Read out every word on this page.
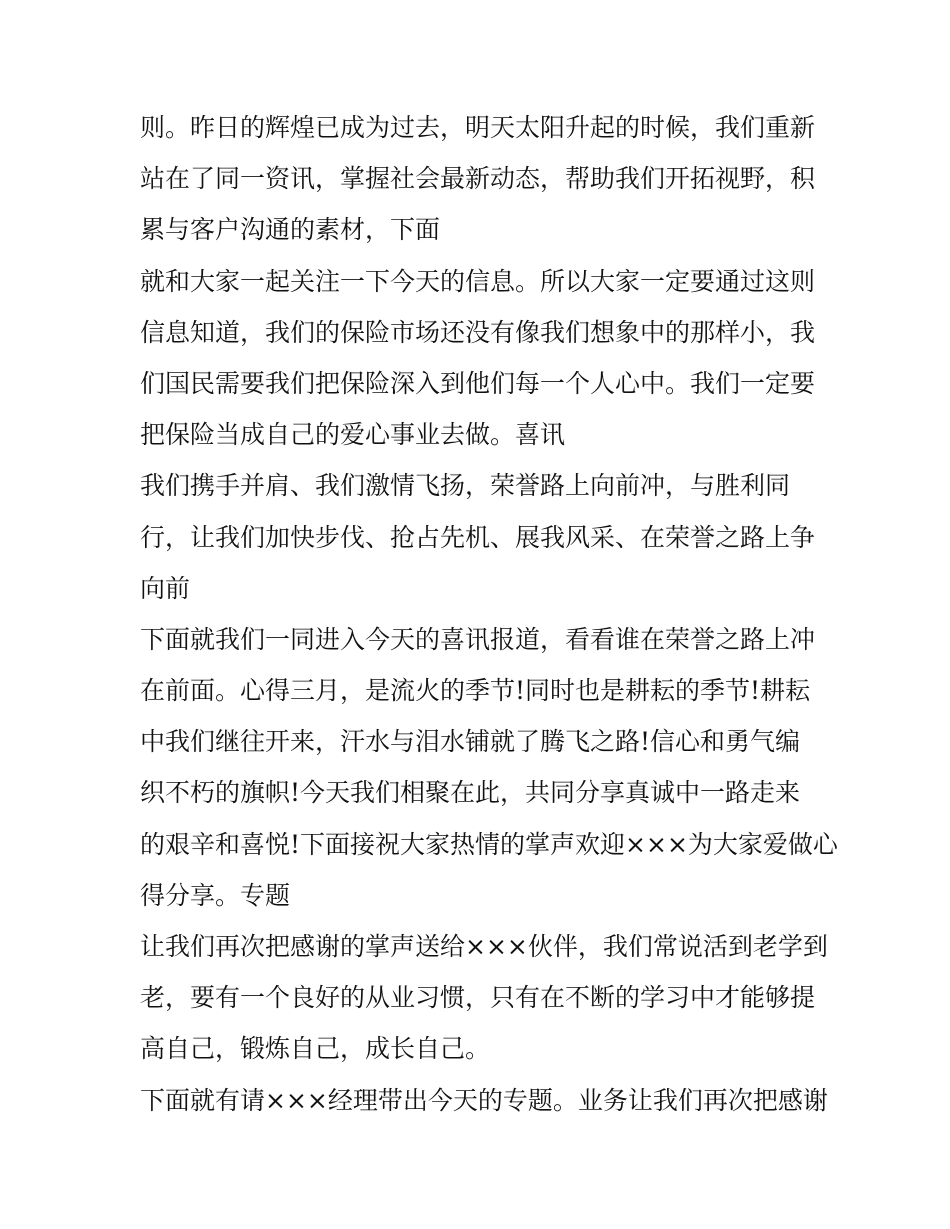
则。昨日的辉煌已成为过去，明天太阳升起的时候，我们重新
站在了同一资讯，掌握社会最新动态，帮助我们开拓视野，积
累与客户沟通的素材，下面
就和大家一起关注一下今天的信息。所以大家一定要通过这则
信息知道，我们的保险市场还没有像我们想象中的那样小，我
们国民需要我们把保险深入到他们每一个人心中。我们一定要
把保险当成自己的爱心事业去做。喜讯
我们携手并肩、我们激情飞扬，荣誉路上向前冲，与胜利同
行，让我们加快步伐、抢占先机、展我风采、在荣誉之路上争
向前
下面就我们一同进入今天的喜讯报道，看看谁在荣誉之路上冲
在前面。心得三月，是流火的季节!同时也是耕耘的季节!耕耘
中我们继往开来，汗水与泪水铺就了腾飞之路!信心和勇气编
织不朽的旗帜!今天我们相聚在此，共同分享真诚中一路走来
的艰辛和喜悦!下面接祝大家热情的掌声欢迎×××为大家爱做心
得分享。专题
让我们再次把感谢的掌声送给×××伙伴，我们常说活到老学到
老，要有一个良好的从业习惯，只有在不断的学习中才能够提
高自己，锻炼自己，成长自己。
下面就有请×××经理带出今天的专题。业务让我们再次把感谢
